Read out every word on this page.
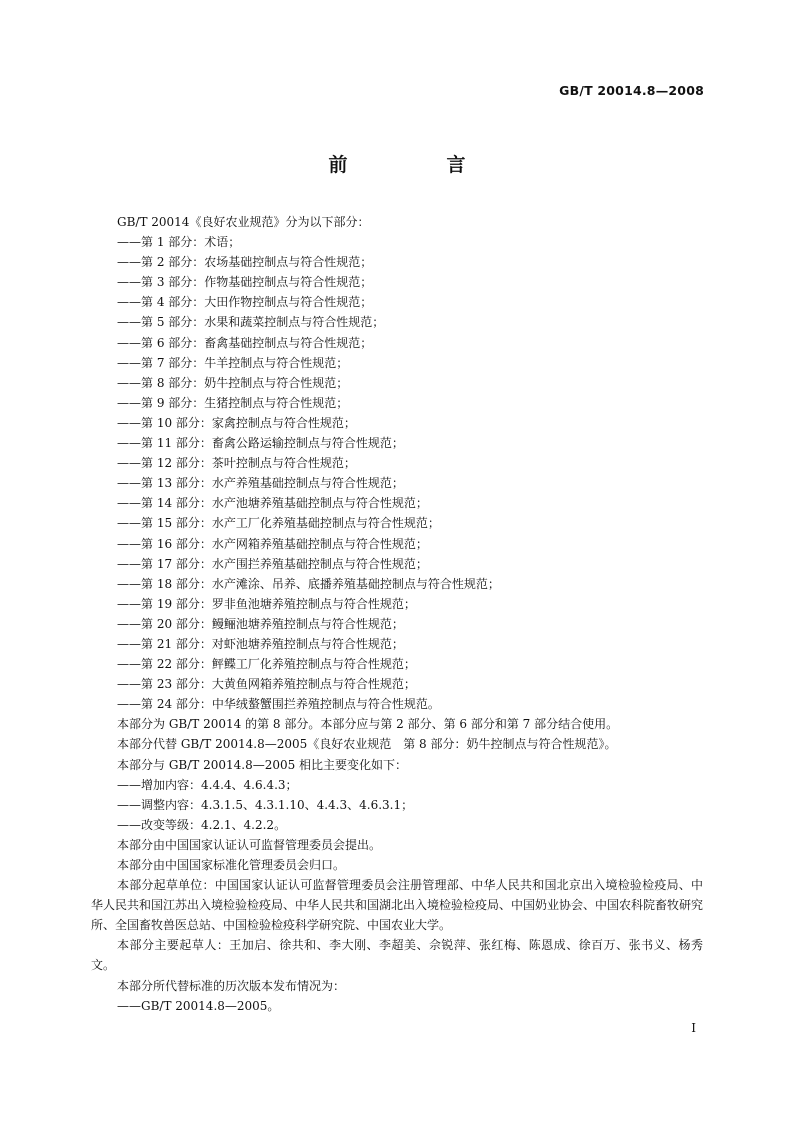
GB/T 20014.8—2008
前　言
GB/T 20014《良好农业规范》分为以下部分：
——第 1 部分：术语；
——第 2 部分：农场基础控制点与符合性规范；
——第 3 部分：作物基础控制点与符合性规范；
——第 4 部分：大田作物控制点与符合性规范；
——第 5 部分：水果和蔬菜控制点与符合性规范；
——第 6 部分：畜禽基础控制点与符合性规范；
——第 7 部分：牛羊控制点与符合性规范；
——第 8 部分：奶牛控制点与符合性规范；
——第 9 部分：生猪控制点与符合性规范；
——第 10 部分：家禽控制点与符合性规范；
——第 11 部分：畜禽公路运输控制点与符合性规范；
——第 12 部分：茶叶控制点与符合性规范；
——第 13 部分：水产养殖基础控制点与符合性规范；
——第 14 部分：水产池塘养殖基础控制点与符合性规范；
——第 15 部分：水产工厂化养殖基础控制点与符合性规范；
——第 16 部分：水产网箱养殖基础控制点与符合性规范；
——第 17 部分：水产围拦养殖基础控制点与符合性规范；
——第 18 部分：水产滩涂、吊养、底播养殖基础控制点与符合性规范；
——第 19 部分：罗非鱼池塘养殖控制点与符合性规范；
——第 20 部分：鳗鲡池塘养殖控制点与符合性规范；
——第 21 部分：对虾池塘养殖控制点与符合性规范；
——第 22 部分：鲆鲽工厂化养殖控制点与符合性规范；
——第 23 部分：大黄鱼网箱养殖控制点与符合性规范；
——第 24 部分：中华绒螯蟹围拦养殖控制点与符合性规范。
本部分为 GB/T 20014 的第 8 部分。本部分应与第 2 部分、第 6 部分和第 7 部分结合使用。
本部分代替 GB/T 20014.8—2005《良好农业规范　第 8 部分：奶牛控制点与符合性规范》。
本部分与 GB/T 20014.8—2005 相比主要变化如下：
——增加内容：4.4.4、4.6.4.3；
——调整内容：4.3.1.5、4.3.1.10、4.4.3、4.6.3.1；
——改变等级：4.2.1、4.2.2。
本部分由中国国家认证认可监督管理委员会提出。
本部分由中国国家标准化管理委员会归口。
本部分起草单位：中国国家认证认可监督管理委员会注册管理部、中华人民共和国北京出入境检验检疫局、中华人民共和国江苏出入境检验检疫局、中华人民共和国湖北出入境检验检疫局、中国奶业协会、中国农科院畜牧研究所、全国畜牧兽医总站、中国检验检疫科学研究院、中国农业大学。
本部分主要起草人：王加启、徐共和、李大刚、李超美、佘锐萍、张红梅、陈恩成、徐百万、张书义、杨秀文。
本部分所代替标准的历次版本发布情况为：
——GB/T 20014.8—2005。
I
